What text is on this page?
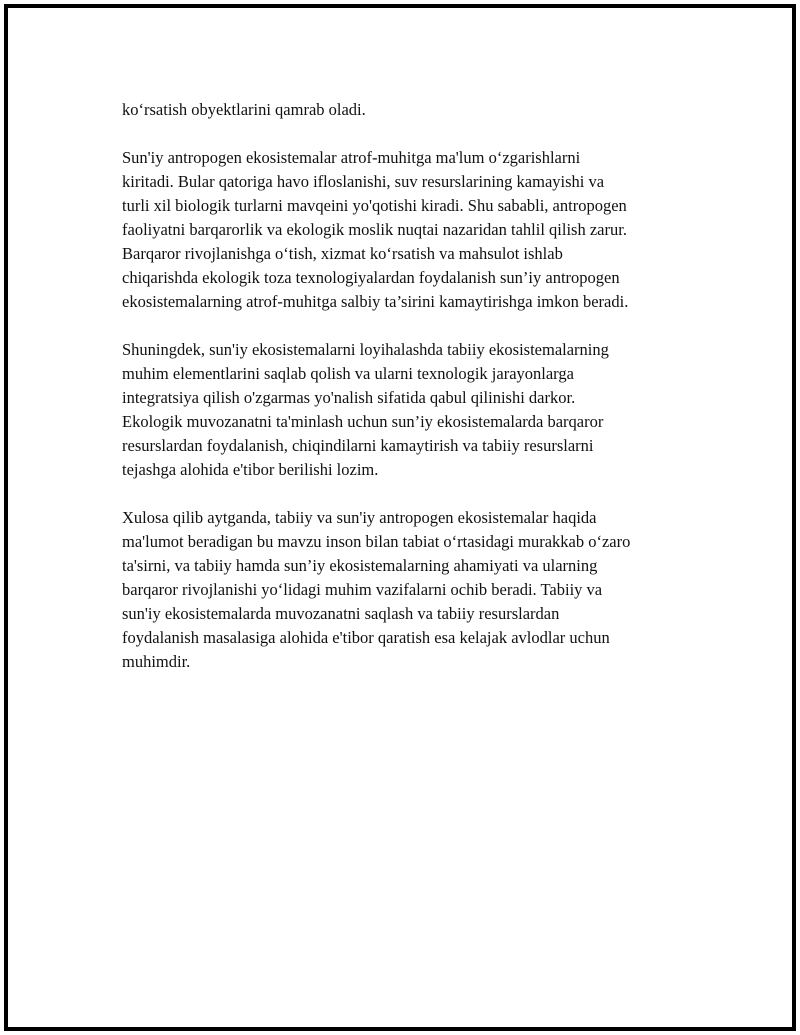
ko‘rsatish obyektlarini qamrab oladi.

Sun'iy antropogen ekosistemalar atrof-muhitga ma'lum o‘zgarishlarni
kiritadi. Bular qatoriga havo ifloslanishi, suv resurslarining kamayishi va
turli xil biologik turlarni mavqeini yo'qotishi kiradi. Shu sababli, antropogen
faoliyatni barqarorlik va ekologik moslik nuqtai nazaridan tahlil qilish zarur.
Barqaror rivojlanishga o‘tish, xizmat ko‘rsatish va mahsulot ishlab
chiqarishda ekologik toza texnologiyalardan foydalanish sun’iy antropogen
ekosistemalarning atrof-muhitga salbiy ta’sirini kamaytirishga imkon beradi.

Shuningdek, sun'iy ekosistemalarni loyihalashda tabiiy ekosistemalarning
muhim elementlarini saqlab qolish va ularni texnologik jarayonlarga
integratsiya qilish o'zgarmas yo'nalish sifatida qabul qilinishi darkor.
Ekologik muvozanatni ta'minlash uchun sun’iy ekosistemalarda barqaror
resurslardan foydalanish, chiqindilarni kamaytirish va tabiiy resurslarni
tejashga alohida e'tibor berilishi lozim.

Xulosa qilib aytganda, tabiiy va sun'iy antropogen ekosistemalar haqida
ma'lumot beradigan bu mavzu inson bilan tabiat o‘rtasidagi murakkab o‘zaro
ta'sirni, va tabiiy hamda sun’iy ekosistemalarning ahamiyati va ularning
barqaror rivojlanishi yo‘lidagi muhim vazifalarni ochib beradi. Tabiiy va
sun'iy ekosistemalarda muvozanatni saqlash va tabiiy resurslardan
foydalanish masalasiga alohida e'tibor qaratish esa kelajak avlodlar uchun
muhimdir.
